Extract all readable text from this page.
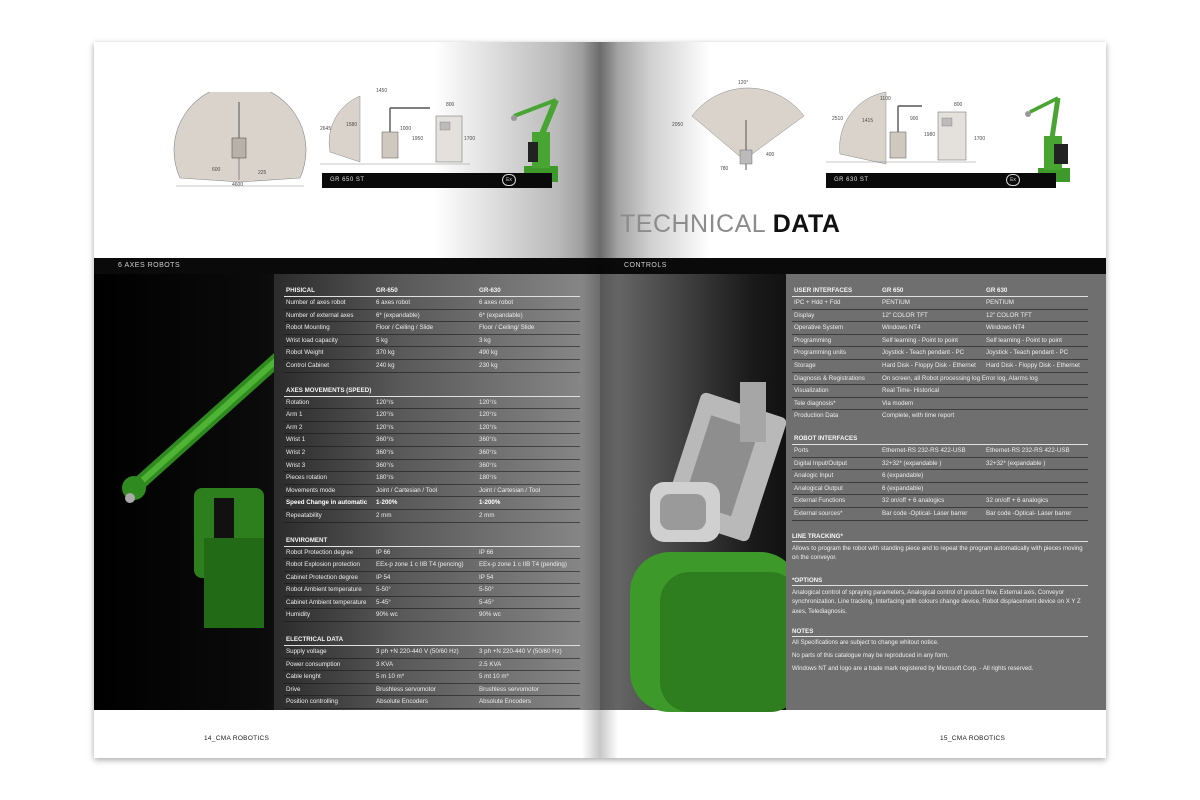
600	225
4600
1450
2645
1580
1000
1950
800
1700
GR 650 ST	Ex
6 AXES ROBOTS
PHISICAL	GR-650	GR-630
Number of axes robot	6 axes robot	6 axes robot
Number of external axes	6* (expandable)	6* (expandable)
Robot Mounting	Floor / Ceiling / Slide	Floor / Ceiling/ Slide
Wrist load capacity	5 kg	3 kg
Robot Weight	370 kg	490 kg
Control Cabinet	240 kg	230 kg
AXES MOVEMENTS (SPEED)
Rotation	120°/s	120°/s
Arm 1	120°/s	120°/s
Arm 2	120°/s	120°/s
Wrist 1	360°/s	360°/s
Wrist 2	360°/s	360°/s
Wrist 3	360°/s	360°/s
Pieces rotation	180°/s	180°/s
Movements mode	Joint / Cartesian / Tool	Joint / Cartesian / Tool
Speed Change in automatic	1-200%	1-200%
Repeatability	2 mm	2 mm
ENVIROMENT
Robot Protection degree	IP 66	IP 66
Robot Explosion protection	EEx-p zone 1 c IIB T4 (pencing)	EEx-p zone 1 c IIB T4 (pending)
Cabinet Protection degree	IP 54	IP 54
Robot Ambient temperature	5-50°	5-50°
Cabinet Ambient temperature	5-45°	5-45°
Humidity	90% wc	90% wc
ELECTRICAL DATA
Supply voltage	3 ph +N 220-440 V (50/60 Hz)	3 ph +N 220-440 V (50/60 Hz)
Power consumption	3 KVA	2.5 KVA
Cable lenght	5 m 10 m*	5 mt 10 m*
Drive	Brushless servomotor	Brushless servomotor
Position controlling	Absolute Encoders	Absolute Encoders
14_CMA ROBOTICS
120°
2050
780
400
1100
2510	1415	900
1980
800
1700
GR 630 ST	Ex
TECHNICAL DATA
CONTROLS
USER INTERFACES	GR 650	GR 630
IPC + Hdd + Fdd	PENTIUM	PENTIUM
Display	12" COLOR TFT	12" COLOR TFT
Operative System	Windows NT4	Windows NT4
Programming	Self learning - Point to point	Self learning - Point to point
Programming units	Joystick - Teach pendant - PC	Joystick - Teach pendant - PC
Storage	Hard Disk - Floppy Disk - Ethernet	Hard Disk - Floppy Disk - Ethernet
Diagnosis & Registrations	On screen, all Robot processing log Error log, Alarms log
Visualization	Real Time- Historical
Tele diagnosis*	Via modem
Production Data	Complete, with time report
ROBOT INTERFACES
Ports	Ethernet-RS 232-RS 422-USB	Ethernet-RS 232-RS 422-USB
Digital Input/Output	32+32* (expandable )	32+32* (expandable )
Analogic Input	6 (expandable)
Analogical Output	6 (expandable)
External Functions	32 on/off + 6 analogics	32 on/off + 6 analogics
External sources*	Bar code -Optical- Laser barrer	Bar code -Optical- Laser barrer
LINE TRACKING*
Allows to program the robot with standing piece and to repeat the program automatically with pieces moving on the conveyor.
*OPTIONS
Analogical control of spraying parameters, Analogical control of product flow, External axis, Conveyor synchronization, Line tracking, Interfacing with colours change device, Robot displacement device on X Y Z axes, Telediagnosis.
NOTES
All Specifications are subject to change whitout notice.
No parts of this catalogue may be reproduced in any form.
Windows NT and logo are a trade mark registered by Microsoft Corp. - All rights reserved.
15_CMA ROBOTICS
